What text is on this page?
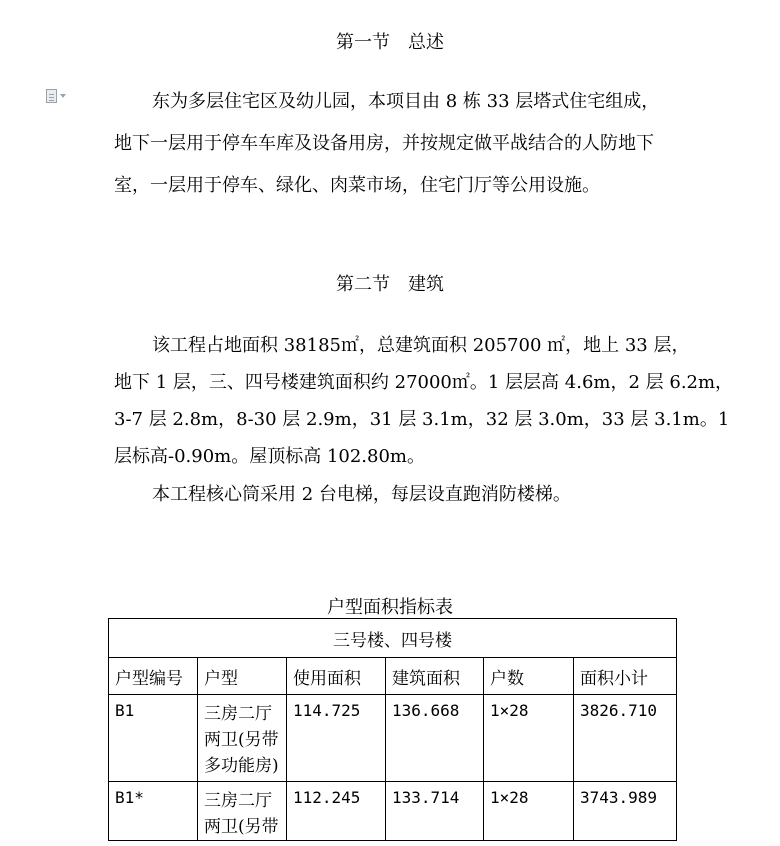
第一节　总述
东为多层住宅区及幼儿园，本项目由 8 栋 33 层塔式住宅组成，
地下一层用于停车车库及设备用房，并按规定做平战结合的人防地下
室，一层用于停车、绿化、肉菜市场，住宅门厅等公用设施。
第二节　建筑
该工程占地面积 38185㎡，总建筑面积 205700 ㎡，地上 33 层，
地下 1 层，三、四号楼建筑面积约 27000㎡。1 层层高 4.6m，2 层 6.2m，
3-7 层 2.8m，8-30 层 2.9m，31 层 3.1m，32 层 3.0m，33 层 3.1m。1
层标高-0.90m。屋顶标高 102.80m。
本工程核心筒采用 2 台电梯，每层设直跑消防楼梯。
户型面积指标表
三号楼、四号楼					
户型编号	户型	使用面积	建筑面积	户数	面积小计
B1	三房二厅两卫(另带多功能房)	114.725	136.668	1×28	3826.710
B1*	三房二厅两卫(另带	112.245	133.714	1×28	3743.989
